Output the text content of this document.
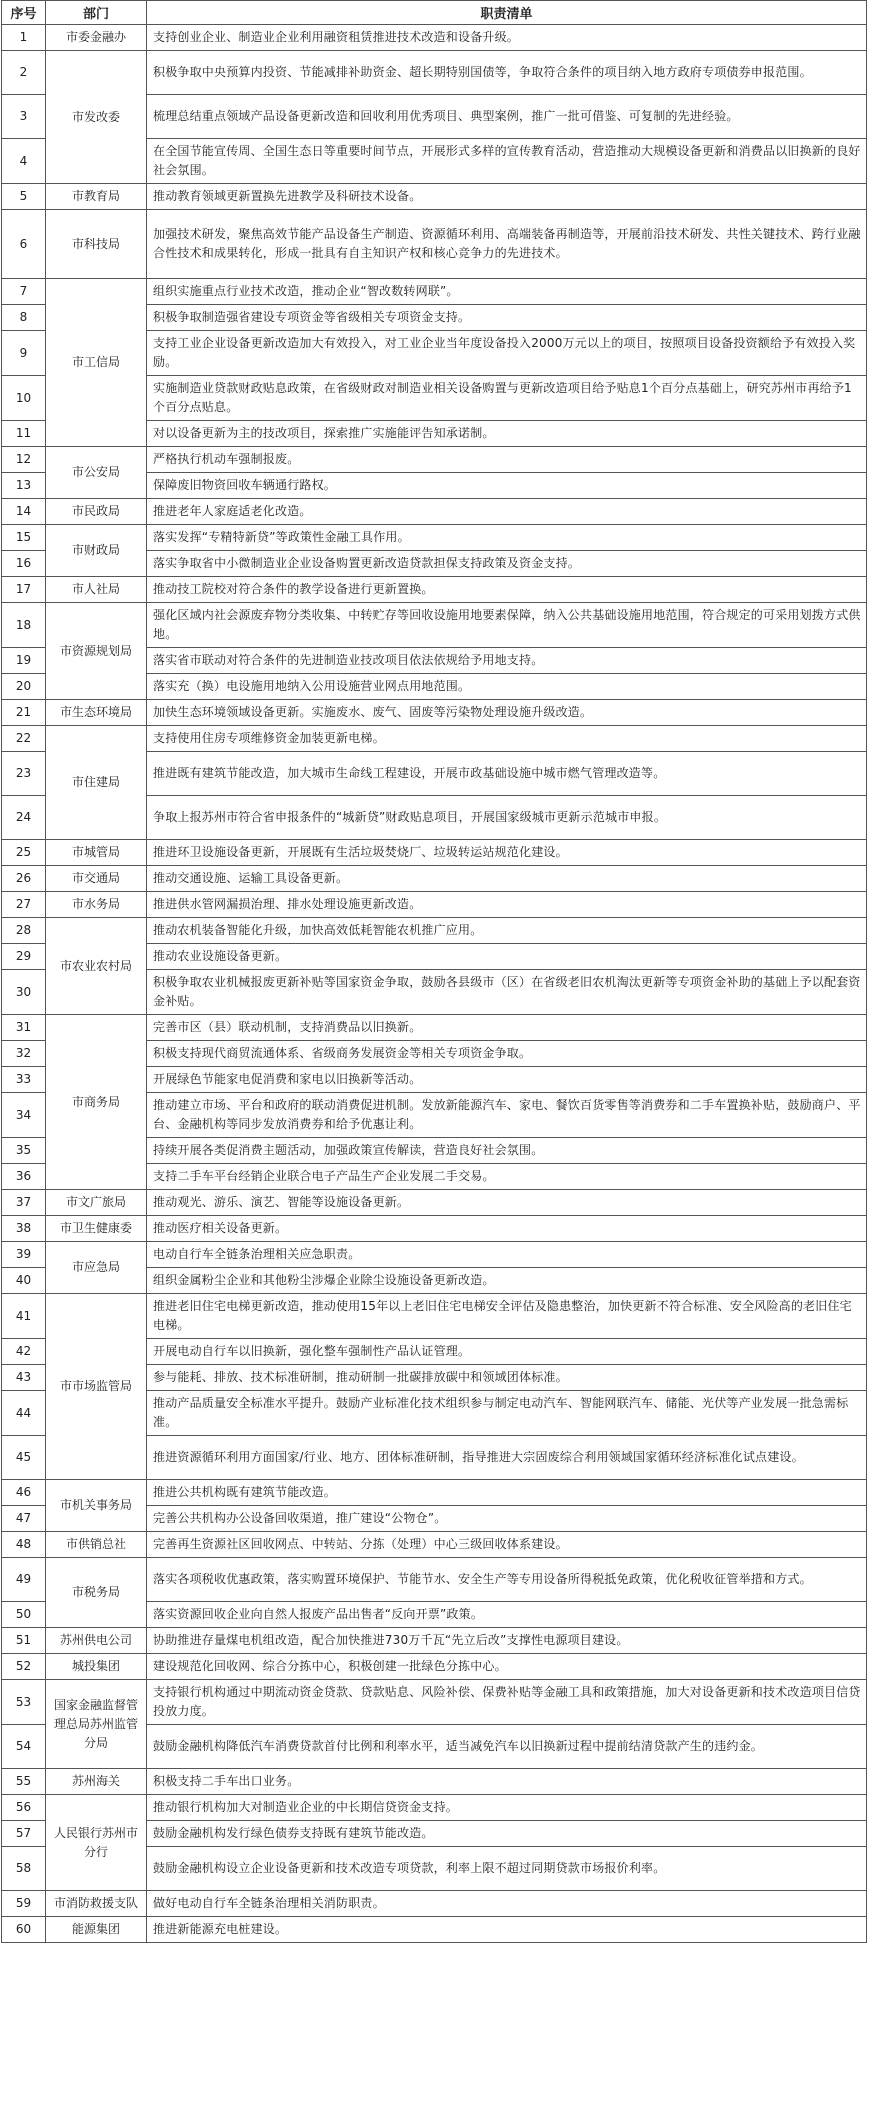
序号	部门	职责清单
1	市委金融办	支持创业企业、制造业企业利用融资租赁推进技术改造和设备升级。
2	市发改委	积极争取中央预算内投资、节能减排补助资金、超长期特别国债等，争取符合条件的项目纳入地方政府专项债券申报范围。
3		梳理总结重点领域产品设备更新改造和回收利用优秀项目、典型案例，推广一批可借鉴、可复制的先进经验。
4		在全国节能宣传周、全国生态日等重要时间节点，开展形式多样的宣传教育活动，营造推动大规模设备更新和消费品以旧换新的良好社会氛围。
5	市教育局	推动教育领域更新置换先进教学及科研技术设备。
6	市科技局	加强技术研发，聚焦高效节能产品设备生产制造、资源循环利用、高端装备再制造等，开展前沿技术研发、共性关键技术、跨行业融合性技术和成果转化，形成一批具有自主知识产权和核心竞争力的先进技术。
7	市工信局	组织实施重点行业技术改造，推动企业“智改数转网联”。
8		积极争取制造强省建设专项资金等省级相关专项资金支持。
9		支持工业企业设备更新改造加大有效投入，对工业企业当年度设备投入2000万元以上的项目，按照项目设备投资额给予有效投入奖励。
10		实施制造业贷款财政贴息政策，在省级财政对制造业相关设备购置与更新改造项目给予贴息1个百分点基础上，研究苏州市再给予1个百分点贴息。
11		对以设备更新为主的技改项目，探索推广实施能评告知承诺制。
12	市公安局	严格执行机动车强制报废。
13		保障废旧物资回收车辆通行路权。
14	市民政局	推进老年人家庭适老化改造。
15	市财政局	落实发挥“专精特新贷”等政策性金融工具作用。
16		落实争取省中小微制造业企业设备购置更新改造贷款担保支持政策及资金支持。
17	市人社局	推动技工院校对符合条件的教学设备进行更新置换。
18	市资源规划局	强化区域内社会源废弃物分类收集、中转贮存等回收设施用地要素保障，纳入公共基础设施用地范围，符合规定的可采用划拨方式供地。
19		落实省市联动对符合条件的先进制造业技改项目依法依规给予用地支持。
20		落实充（换）电设施用地纳入公用设施营业网点用地范围。
21	市生态环境局	加快生态环境领域设备更新。实施废水、废气、固废等污染物处理设施升级改造。
22	市住建局	支持使用住房专项维修资金加装更新电梯。
23		推进既有建筑节能改造，加大城市生命线工程建设，开展市政基础设施中城市燃气管理改造等。
24		争取上报苏州市符合省申报条件的“城新贷”财政贴息项目，开展国家级城市更新示范城市申报。
25	市城管局	推进环卫设施设备更新，开展既有生活垃圾焚烧厂、垃圾转运站规范化建设。
26	市交通局	推动交通设施、运输工具设备更新。
27	市水务局	推进供水管网漏损治理、排水处理设施更新改造。
28	市农业农村局	推动农机装备智能化升级，加快高效低耗智能农机推广应用。
29		推动农业设施设备更新。
30		积极争取农业机械报废更新补贴等国家资金争取，鼓励各县级市（区）在省级老旧农机淘汰更新等专项资金补助的基础上予以配套资金补贴。
31	市商务局	完善市区（县）联动机制，支持消费品以旧换新。
32		积极支持现代商贸流通体系、省级商务发展资金等相关专项资金争取。
33		开展绿色节能家电促消费和家电以旧换新等活动。
34		推动建立市场、平台和政府的联动消费促进机制。发放新能源汽车、家电、餐饮百货零售等消费券和二手车置换补贴，鼓励商户、平台、金融机构等同步发放消费券和给予优惠让利。
35		持续开展各类促消费主题活动，加强政策宣传解读，营造良好社会氛围。
36		支持二手车平台经销企业联合电子产品生产企业发展二手交易。
37	市文广旅局	推动观光、游乐、演艺、智能等设施设备更新。
38	市卫生健康委	推动医疗相关设备更新。
39	市应急局	电动自行车全链条治理相关应急职责。
40		组织金属粉尘企业和其他粉尘涉爆企业除尘设施设备更新改造。
41	市市场监管局	推进老旧住宅电梯更新改造，推动使用15年以上老旧住宅电梯安全评估及隐患整治，加快更新不符合标准、安全风险高的老旧住宅电梯。
42		开展电动自行车以旧换新，强化整车强制性产品认证管理。
43		参与能耗、排放、技术标准研制，推动研制一批碳排放碳中和领域团体标准。
44		推动产品质量安全标准水平提升。鼓励产业标准化技术组织参与制定电动汽车、智能网联汽车、储能、光伏等产业发展一批急需标准。
45		推进资源循环利用方面国家/行业、地方、团体标准研制，指导推进大宗固废综合利用领域国家循环经济标准化试点建设。
46	市机关事务局	推进公共机构既有建筑节能改造。
47		完善公共机构办公设备回收渠道，推广建设“公物仓”。
48	市供销总社	完善再生资源社区回收网点、中转站、分拣（处理）中心三级回收体系建设。
49	市税务局	落实各项税收优惠政策，落实购置环境保护、节能节水、安全生产等专用设备所得税抵免政策，优化税收征管举措和方式。
50		落实资源回收企业向自然人报废产品出售者“反向开票”政策。
51	苏州供电公司	协助推进存量煤电机组改造，配合加快推进730万千瓦“先立后改”支撑性电源项目建设。
52	城投集团	建设规范化回收网、综合分拣中心，积极创建一批绿色分拣中心。
53	国家金融监督管理总局苏州监管分局	支持银行机构通过中期流动资金贷款、贷款贴息、风险补偿、保费补贴等金融工具和政策措施，加大对设备更新和技术改造项目信贷投放力度。
54		鼓励金融机构降低汽车消费贷款首付比例和利率水平，适当减免汽车以旧换新过程中提前结清贷款产生的违约金。
55	苏州海关	积极支持二手车出口业务。
56	人民银行苏州市分行	推动银行机构加大对制造业企业的中长期信贷资金支持。
57		鼓励金融机构发行绿色债券支持既有建筑节能改造。
58		鼓励金融机构设立企业设备更新和技术改造专项贷款，利率上限不超过同期贷款市场报价利率。
59	市消防救援支队	做好电动自行车全链条治理相关消防职责。
60	能源集团	推进新能源充电桩建设。
